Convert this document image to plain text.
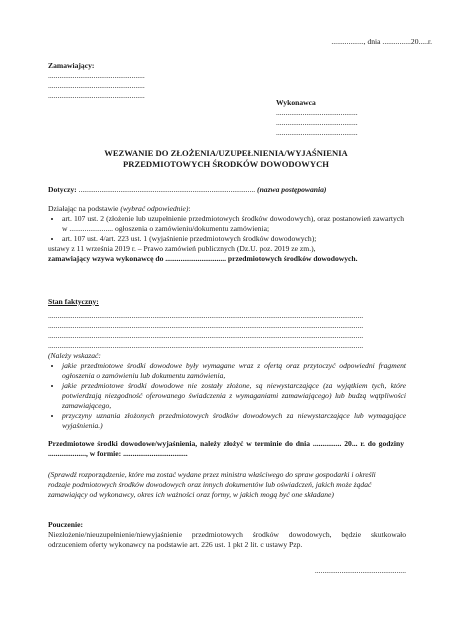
................., dnia ...............20.....r.
Zamawiający:
...................................................
...................................................
...................................................
Wykonawca
...........................................
...........................................
...........................................
WEZWANIE DO ZŁOŻENIA/UZUPEŁNIENIA/WYJAŚNIENIA
PRZEDMIOTOWYCH ŚRODKÓW DOWODOWYCH
Dotyczy: ............................................................................................. (nazwa postępowania)

Działając na podstawie (wybrać odpowiednie):

• art. 107 ust. 2 (złożenie lub uzupełnienie przedmiotowych środków dowodowych), oraz postanowień zawartych w ....................... ogłoszenia o zamówieniu/dokumentu zamówienia;
• art. 107 ust. 4/art. 223 ust. 1 (wyjaśnienie przedmiotowych środków dowodowych);

ustawy z 11 września 2019 r. – Prawo zamówień publicznych (Dz.U. poz. 2019 ze zm.),

zamawiający wzywa wykonawcę do ................................ przedmiotowych środków dowodowych.

Stan faktyczny:
......................................................................................................................................................................
......................................................................................................................................................................
......................................................................................................................................................................
......................................................................................................................................................................
(Należy wskazać:
• jakie przedmiotowe środki dowodowe były wymagane wraz z ofertą oraz przytoczyć odpowiedni fragment ogłoszenia o zamówieniu lub dokumentu zamówienia,
• jakie przedmiotowe środki dowodowe nie zostały złożone, są niewystarczające (za wyjątkiem tych, które potwierdzają niezgodność oferowanego świadczenia z wymaganiami zamawiającego) lub budzą wątpliwości zamawiającego,
• przyczyny uznania złożonych przedmiotowych środków dowodowych za niewystarczające lub wymagające wyjaśnienia.)
Przedmiotowe środki dowodowe/wyjaśnienia, należy złożyć w terminie do dnia ............... 20... r. do godziny ...................., w formie: ..................................
(Sprawdź rozporządzenie, które ma zostać wydane przez ministra właściwego do spraw gospodarki i określi rodzaje podmiotowych środków dowodowych oraz innych dokumentów lub oświadczeń, jakich może żądać zamawiający od wykonawcy, okres ich ważności oraz formy, w jakich mogą być one składane)
Pouczenie:
Niezłożenie/nieuzupełnienie/niewyjaśnienie przedmiotowych środków dowodowych, będzie skutkowało odrzuceniem oferty wykonawcy na podstawie art. 226 ust. 1 pkt 2 lit. c ustawy Pzp.
................................................
